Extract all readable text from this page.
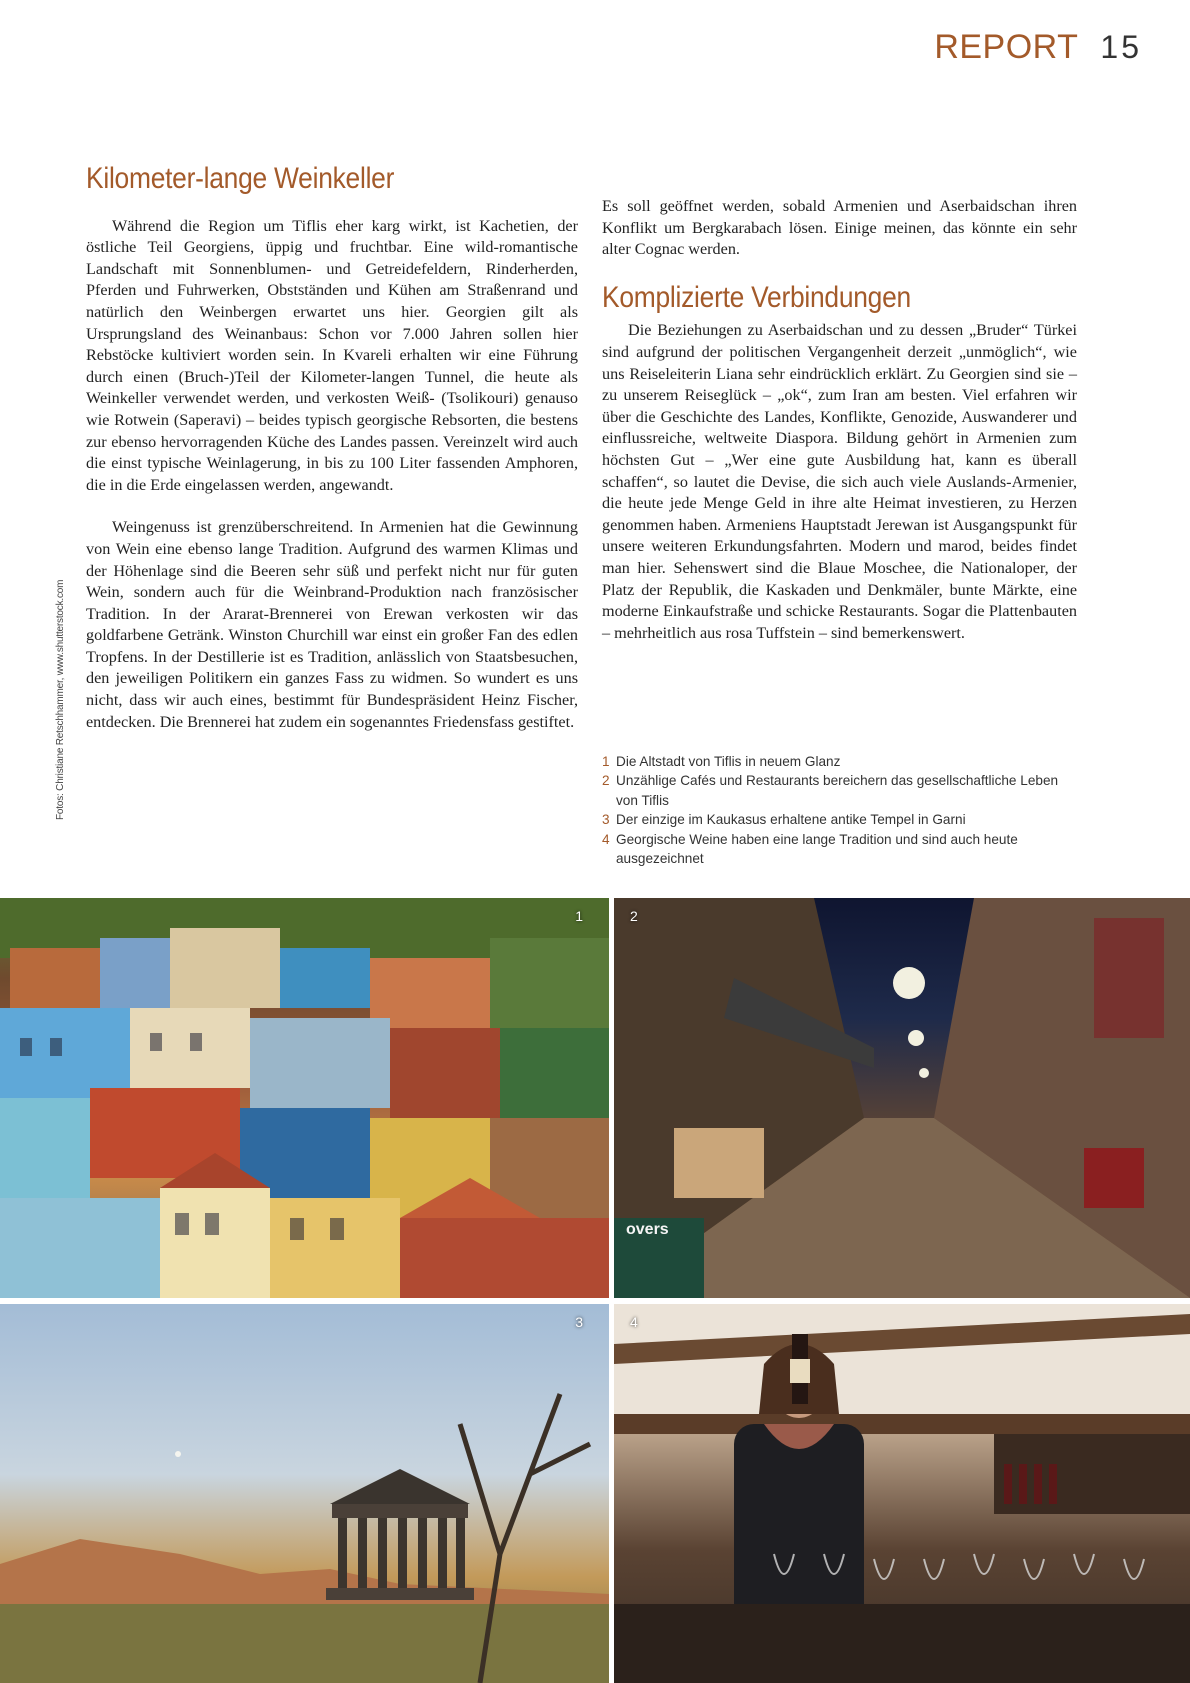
REPORT 15
Kilometer-lange Weinkeller

Während die Region um Tiflis eher karg wirkt, ist Kachetien, der östliche Teil Georgiens, üppig und fruchtbar. Eine wild-romantische Landschaft mit Sonnenblumen- und Getreidefeldern, Rinderherden, Pferden und Fuhrwerken, Obstständen und Kühen am Straßenrand und natürlich den Weinbergen erwartet uns hier. Georgien gilt als Ursprungsland des Weinanbaus: Schon vor 7.000 Jahren sollen hier Rebstöcke kultiviert worden sein. In Kvareli erhalten wir eine Führung durch einen (Bruch-)Teil der Kilometer-langen Tunnel, die heute als Weinkeller verwendet werden, und verkosten Weiß- (Tsolikouri) genauso wie Rotwein (Saperavi) – beides typisch georgische Rebsorten, die bestens zur ebenso hervorragenden Küche des Landes passen. Vereinzelt wird auch die einst typische Weinlagerung, in bis zu 100 Liter fassenden Amphoren, die in die Erde eingelassen werden, angewandt.

Weingenuss ist grenzüberschreitend. In Armenien hat die Gewinnung von Wein eine ebenso lange Tradition. Aufgrund des warmen Klimas und der Höhenlage sind die Beeren sehr süß und perfekt nicht nur für guten Wein, sondern auch für die Weinbrand-Produktion nach französischer Tradition. In der Ararat-Brennerei von Erewan verkosten wir das goldfarbene Getränk. Winston Churchill war einst ein großer Fan des edlen Tropfens. In der Destillerie ist es Tradition, anlässlich von Staatsbesuchen, den jeweiligen Politikern ein ganzes Fass zu widmen. So wundert es uns nicht, dass wir auch eines, bestimmt für Bundespräsident Heinz Fischer, entdecken. Die Brennerei hat zudem ein sogenanntes Friedensfass gestiftet.

Es soll geöffnet werden, sobald Armenien und Aserbaidschan ihren Konflikt um Bergkarabach lösen. Einige meinen, das könnte ein sehr alter Cognac werden.

Komplizierte Verbindungen

Die Beziehungen zu Aserbaidschan und zu dessen „Bruder“ Türkei sind aufgrund der politischen Vergangenheit derzeit „unmöglich“, wie uns Reiseleiterin Liana sehr eindrücklich erklärt. Zu Georgien sind sie – zu unserem Reiseglück – „ok“, zum Iran am besten. Viel erfahren wir über die Geschichte des Landes, Konflikte, Genozide, Auswanderer und einflussreiche, weltweite Diaspora. Bildung gehört in Armenien zum höchsten Gut – „Wer eine gute Ausbildung hat, kann es überall schaffen“, so lautet die Devise, die sich auch viele Auslands-Armenier, die heute jede Menge Geld in ihre alte Heimat investieren, zu Herzen genommen haben. Armeniens Hauptstadt Jerewan ist Ausgangspunkt für unsere weiteren Erkundungsfahrten. Modern und marod, beides findet man hier. Sehenswert sind die Blaue Moschee, die Nationaloper, der Platz der Republik, die Kaskaden und Denkmäler, bunte Märkte, eine moderne Einkaufstraße und schicke Restaurants. Sogar die Plattenbauten – mehrheitlich aus rosa Tuffstein – sind bemerkenswert.

Fotos: Christiane Retschhammer, www.shutterstock.com	1 Die Altstadt von Tiflis in neuem Glanz
2 Unzählige Cafés und Restaurants bereichern das gesellschaftliche Leben von Tiflis
3 Der einzige im Kaukasus erhaltene antike Tempel in Garni
4 Georgische Weine haben eine lange Tradition und sind auch heute ausgezeichnet
1
overs
2
3	4
